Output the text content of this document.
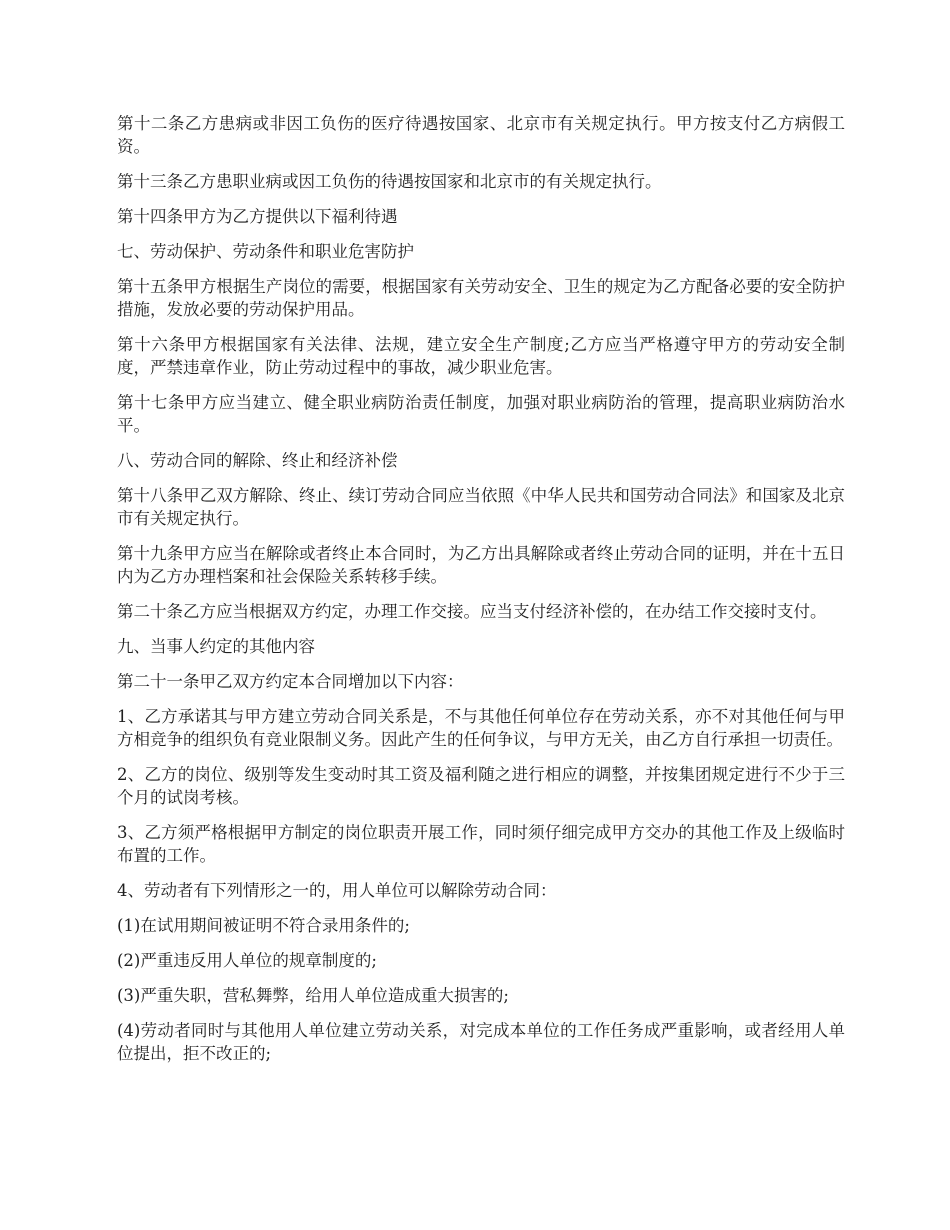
第十二条乙方患病或非因工负伤的医疗待遇按国家、北京市有关规定执行。甲方按支付乙方病假工资。

第十三条乙方患职业病或因工负伤的待遇按国家和北京市的有关规定执行。

第十四条甲方为乙方提供以下福利待遇

七、劳动保护、劳动条件和职业危害防护

第十五条甲方根据生产岗位的需要，根据国家有关劳动安全、卫生的规定为乙方配备必要的安全防护措施，发放必要的劳动保护用品。

第十六条甲方根据国家有关法律、法规，建立安全生产制度;乙方应当严格遵守甲方的劳动安全制度，严禁违章作业，防止劳动过程中的事故，减少职业危害。

第十七条甲方应当建立、健全职业病防治责任制度，加强对职业病防治的管理，提高职业病防治水平。

八、劳动合同的解除、终止和经济补偿

第十八条甲乙双方解除、终止、续订劳动合同应当依照《中华人民共和国劳动合同法》和国家及北京市有关规定执行。

第十九条甲方应当在解除或者终止本合同时，为乙方出具解除或者终止劳动合同的证明，并在十五日内为乙方办理档案和社会保险关系转移手续。

第二十条乙方应当根据双方约定，办理工作交接。应当支付经济补偿的，在办结工作交接时支付。

九、当事人约定的其他内容

第二十一条甲乙双方约定本合同增加以下内容：

1、乙方承诺其与甲方建立劳动合同关系是，不与其他任何单位存在劳动关系，亦不对其他任何与甲方相竞争的组织负有竞业限制义务。因此产生的任何争议，与甲方无关，由乙方自行承担一切责任。

2、乙方的岗位、级别等发生变动时其工资及福利随之进行相应的调整，并按集团规定进行不少于三个月的试岗考核。

3、乙方须严格根据甲方制定的岗位职责开展工作，同时须仔细完成甲方交办的其他工作及上级临时布置的工作。

4、劳动者有下列情形之一的，用人单位可以解除劳动合同：

(1)在试用期间被证明不符合录用条件的;

(2)严重违反用人单位的规章制度的;

(3)严重失职，营私舞弊，给用人单位造成重大损害的;

(4)劳动者同时与其他用人单位建立劳动关系，对完成本单位的工作任务成严重影响，或者经用人单位提出，拒不改正的;
